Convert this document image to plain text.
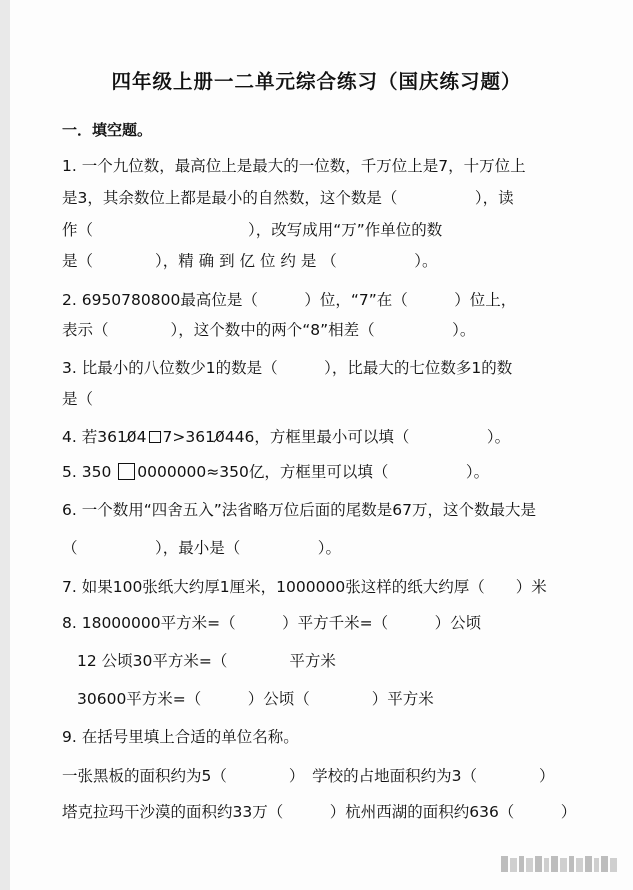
四年级上册一二单元综合练习（国庆练习题）
一．填空题。
1. 一个九位数，最高位上是最大的一位数，千万位上是7，十万位上
是3，其余数位上都是最小的自然数，这个数是（　　　　　），读
作（　　　　　　　　　　），改写成用“万”作单位的数
是（　　　　），精 确 到 亿 位 约 是 （　　　　　）。
2. 6950780800最高位是（　　　）位，“7”在（　　　）位上，
表示（　　　　），这个数中的两个“8”相差（　　　　　）。
3. 比最小的八位数少1的数是（　　　），比最大的七位数多1的数
是（
4. 若3610̸4 7>3610̸446，方框里最小可以填（　　　　　）。
5. 350 0000000≈350亿，方框里可以填（　　　　　）。
6. 一个数用“四舍五入”法省略万位后面的尾数是67万，这个数最大是
（　　　　　），最小是（　　　　　）。
7. 如果100张纸大约厚1厘米，1000000张这样的纸大约厚（　　）米
8. 18000000平方米=（　　　）平方千米=（　　　）公顷
12 公顷30平方米=（　　　　平方米
30600平方米=（　　　）公顷（　　　　）平方米
9. 在括号里填上合适的单位名称。
一张黑板的面积约为5（　　　　）　学校的占地面积约为3（　　　　）
塔克拉玛干沙漠的面积约33万（　　　）杭州西湖的面积约636（　　　）
